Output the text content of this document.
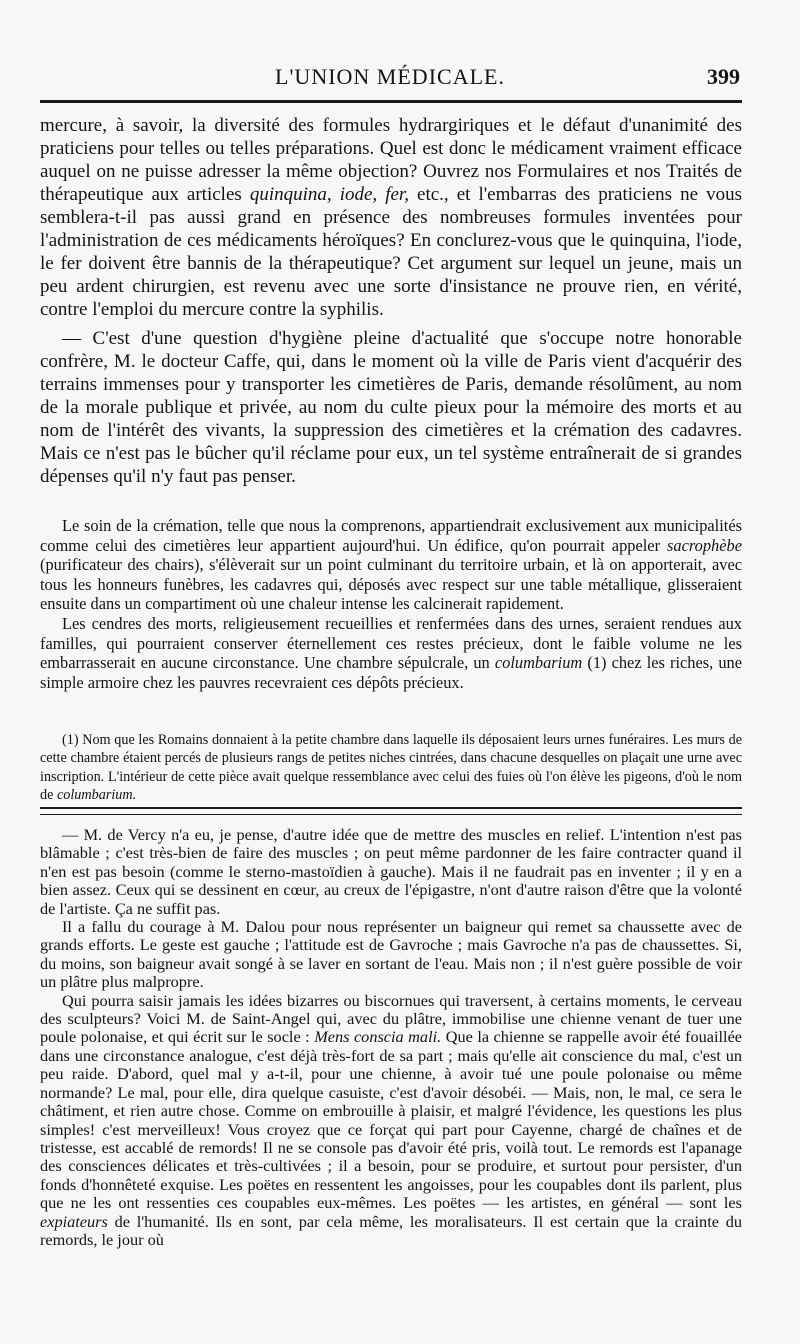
L'UNION MÉDICALE.	399

mercure, à savoir, la diversité des formules hydrargiriques et le défaut d'unanimité des praticiens pour telles ou telles préparations. Quel est donc le médicament vraiment efficace auquel on ne puisse adresser la même objection? Ouvrez nos Formulaires et nos Traités de thérapeutique aux articles quinquina, iode, fer, etc., et l'embarras des praticiens ne vous semblera-t-il pas aussi grand en présence des nombreuses formules inventées pour l'administration de ces médicaments héroïques? En conclurez-vous que le quinquina, l'iode, le fer doivent être bannis de la thérapeutique? Cet argument sur lequel un jeune, mais un peu ardent chirurgien, est revenu avec une sorte d'insistance ne prouve rien, en vérité, contre l'emploi du mercure contre la syphilis.

— C'est d'une question d'hygiène pleine d'actualité que s'occupe notre honorable confrère, M. le docteur Caffe, qui, dans le moment où la ville de Paris vient d'acquérir des terrains immenses pour y transporter les cimetières de Paris, demande résolûment, au nom de la morale publique et privée, au nom du culte pieux pour la mémoire des morts et au nom de l'intérêt des vivants, la suppression des cimetières et la crémation des cadavres. Mais ce n'est pas le bûcher qu'il réclame pour eux, un tel système entraînerait de si grandes dépenses qu'il n'y faut pas penser.

Le soin de la crémation, telle que nous la comprenons, appartiendrait exclusivement aux municipalités comme celui des cimetières leur appartient aujourd'hui. Un édifice, qu'on pourrait appeler sacrophèbe (purificateur des chairs), s'élèverait sur un point culminant du territoire urbain, et là on apporterait, avec tous les honneurs funèbres, les cadavres qui, déposés avec respect sur une table métallique, glisseraient ensuite dans un compartiment où une chaleur intense les calcinerait rapidement.

Les cendres des morts, religieusement recueillies et renfermées dans des urnes, seraient rendues aux familles, qui pourraient conserver éternellement ces restes précieux, dont le faible volume ne les embarrasserait en aucune circonstance. Une chambre sépulcrale, un columbarium (1) chez les riches, une simple armoire chez les pauvres recevraient ces dépôts précieux.

(1) Nom que les Romains donnaient à la petite chambre dans laquelle ils déposaient leurs urnes funéraires. Les murs de cette chambre étaient percés de plusieurs rangs de petites niches cintrées, dans chacune desquelles on plaçait une urne avec inscription. L'intérieur de cette pièce avait quelque ressemblance avec celui des fuies où l'on élève les pigeons, d'où le nom de columbarium.

— M. de Vercy n'a eu, je pense, d'autre idée que de mettre des muscles en relief. L'intention n'est pas blâmable ; c'est très-bien de faire des muscles ; on peut même pardonner de les faire contracter quand il n'en est pas besoin (comme le sterno-mastoïdien à gauche). Mais il ne faudrait pas en inventer ; il y en a bien assez. Ceux qui se dessinent en cœur, au creux de l'épigastre, n'ont d'autre raison d'être que la volonté de l'artiste. Ça ne suffit pas.

Il a fallu du courage à M. Dalou pour nous représenter un baigneur qui remet sa chaussette avec de grands efforts. Le geste est gauche ; l'attitude est de Gavroche ; mais Gavroche n'a pas de chaussettes. Si, du moins, son baigneur avait songé à se laver en sortant de l'eau. Mais non ; il n'est guère possible de voir un plâtre plus malpropre.

Qui pourra saisir jamais les idées bizarres ou biscornues qui traversent, à certains moments, le cerveau des sculpteurs? Voici M. de Saint-Angel qui, avec du plâtre, immobilise une chienne venant de tuer une poule polonaise, et qui écrit sur le socle : Mens conscia mali. Que la chienne se rappelle avoir été fouaillée dans une circonstance analogue, c'est déjà très-fort de sa part ; mais qu'elle ait conscience du mal, c'est un peu raide. D'abord, quel mal y a-t-il, pour une chienne, à avoir tué une poule polonaise ou même normande? Le mal, pour elle, dira quelque casuiste, c'est d'avoir désobéi. — Mais, non, le mal, ce sera le châtiment, et rien autre chose. Comme on embrouille à plaisir, et malgré l'évidence, les questions les plus simples! c'est merveilleux! Vous croyez que ce forçat qui part pour Cayenne, chargé de chaînes et de tristesse, est accablé de remords! Il ne se console pas d'avoir été pris, voilà tout. Le remords est l'apanage des consciences délicates et très-cultivées ; il a besoin, pour se produire, et surtout pour persister, d'un fonds d'honnêteté exquise. Les poëtes en ressentent les angoisses, pour les coupables dont ils parlent, plus que ne les ont ressenties ces coupables eux-mêmes. Les poëtes — les artistes, en général — sont les expiateurs de l'humanité. Ils en sont, par cela même, les moralisateurs. Il est certain que la crainte du remords, le jour où
